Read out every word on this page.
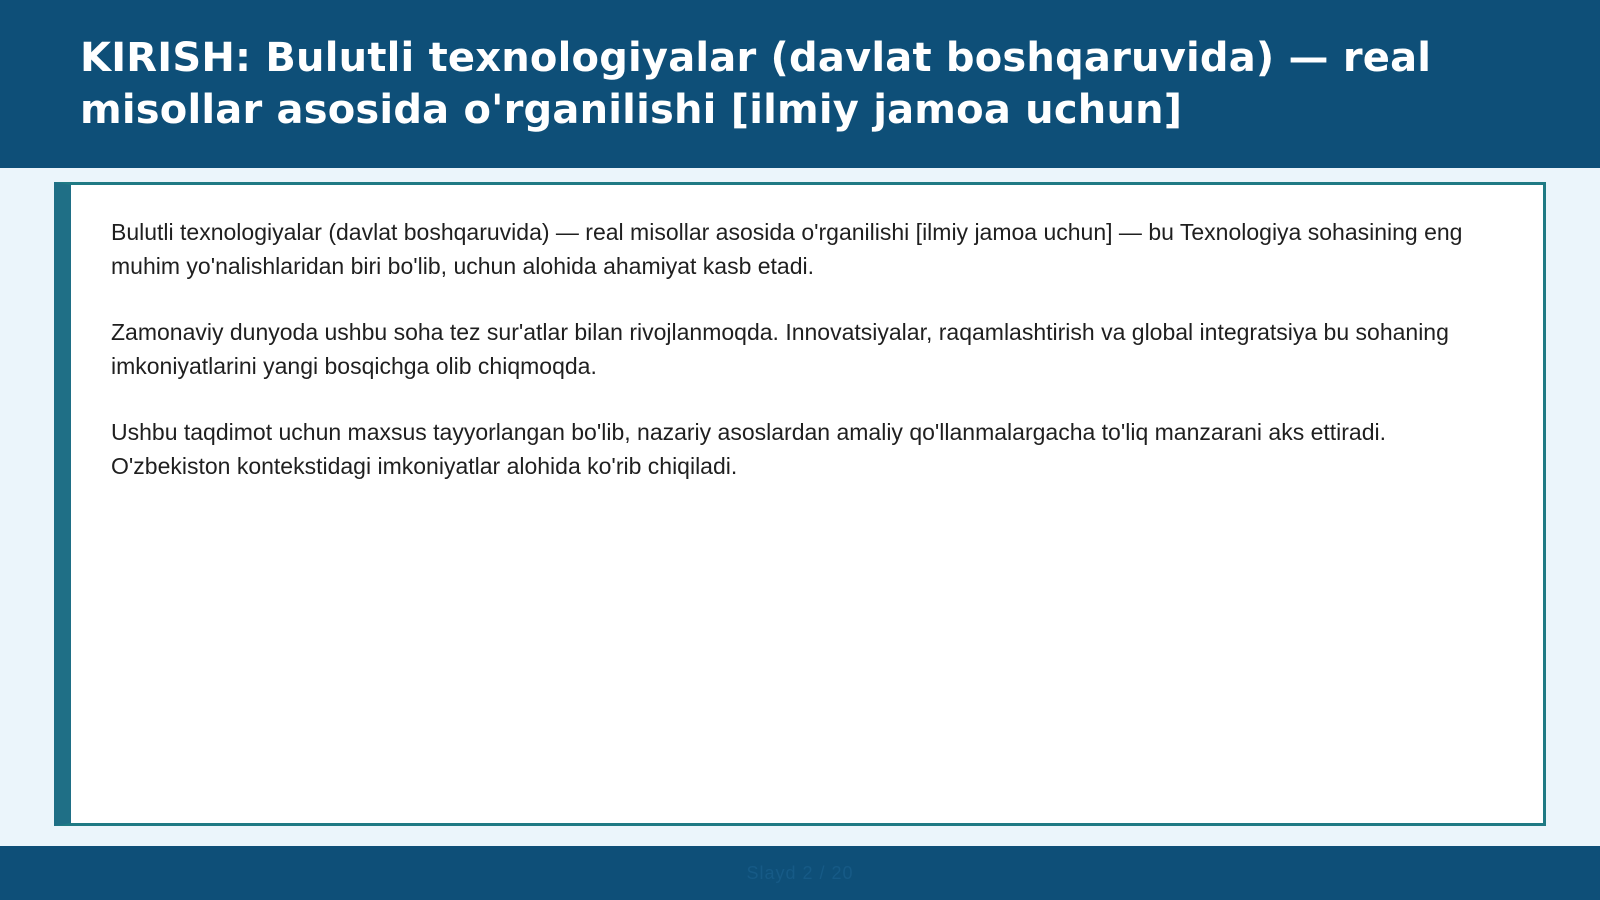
KIRISH: Bulutli texnologiyalar (davlat boshqaruvida) — real misollar asosida o'rganilishi [ilmiy jamoa uchun]

Bulutli texnologiyalar (davlat boshqaruvida) — real misollar asosida o'rganilishi [ilmiy jamoa uchun] — bu Texnologiya sohasining eng muhim yo'nalishlaridan biri bo'lib, uchun alohida ahamiyat kasb etadi.

Zamonaviy dunyoda ushbu soha tez sur'atlar bilan rivojlanmoqda. Innovatsiyalar, raqamlashtirish va global integratsiya bu sohaning imkoniyatlarini yangi bosqichga olib chiqmoqda.

Ushbu taqdimot uchun maxsus tayyorlangan bo'lib, nazariy asoslardan amaliy qo'llanmalargacha to'liq manzarani aks ettiradi. O'zbekiston kontekstidagi imkoniyatlar alohida ko'rib chiqiladi.

Slayd 2 / 20
